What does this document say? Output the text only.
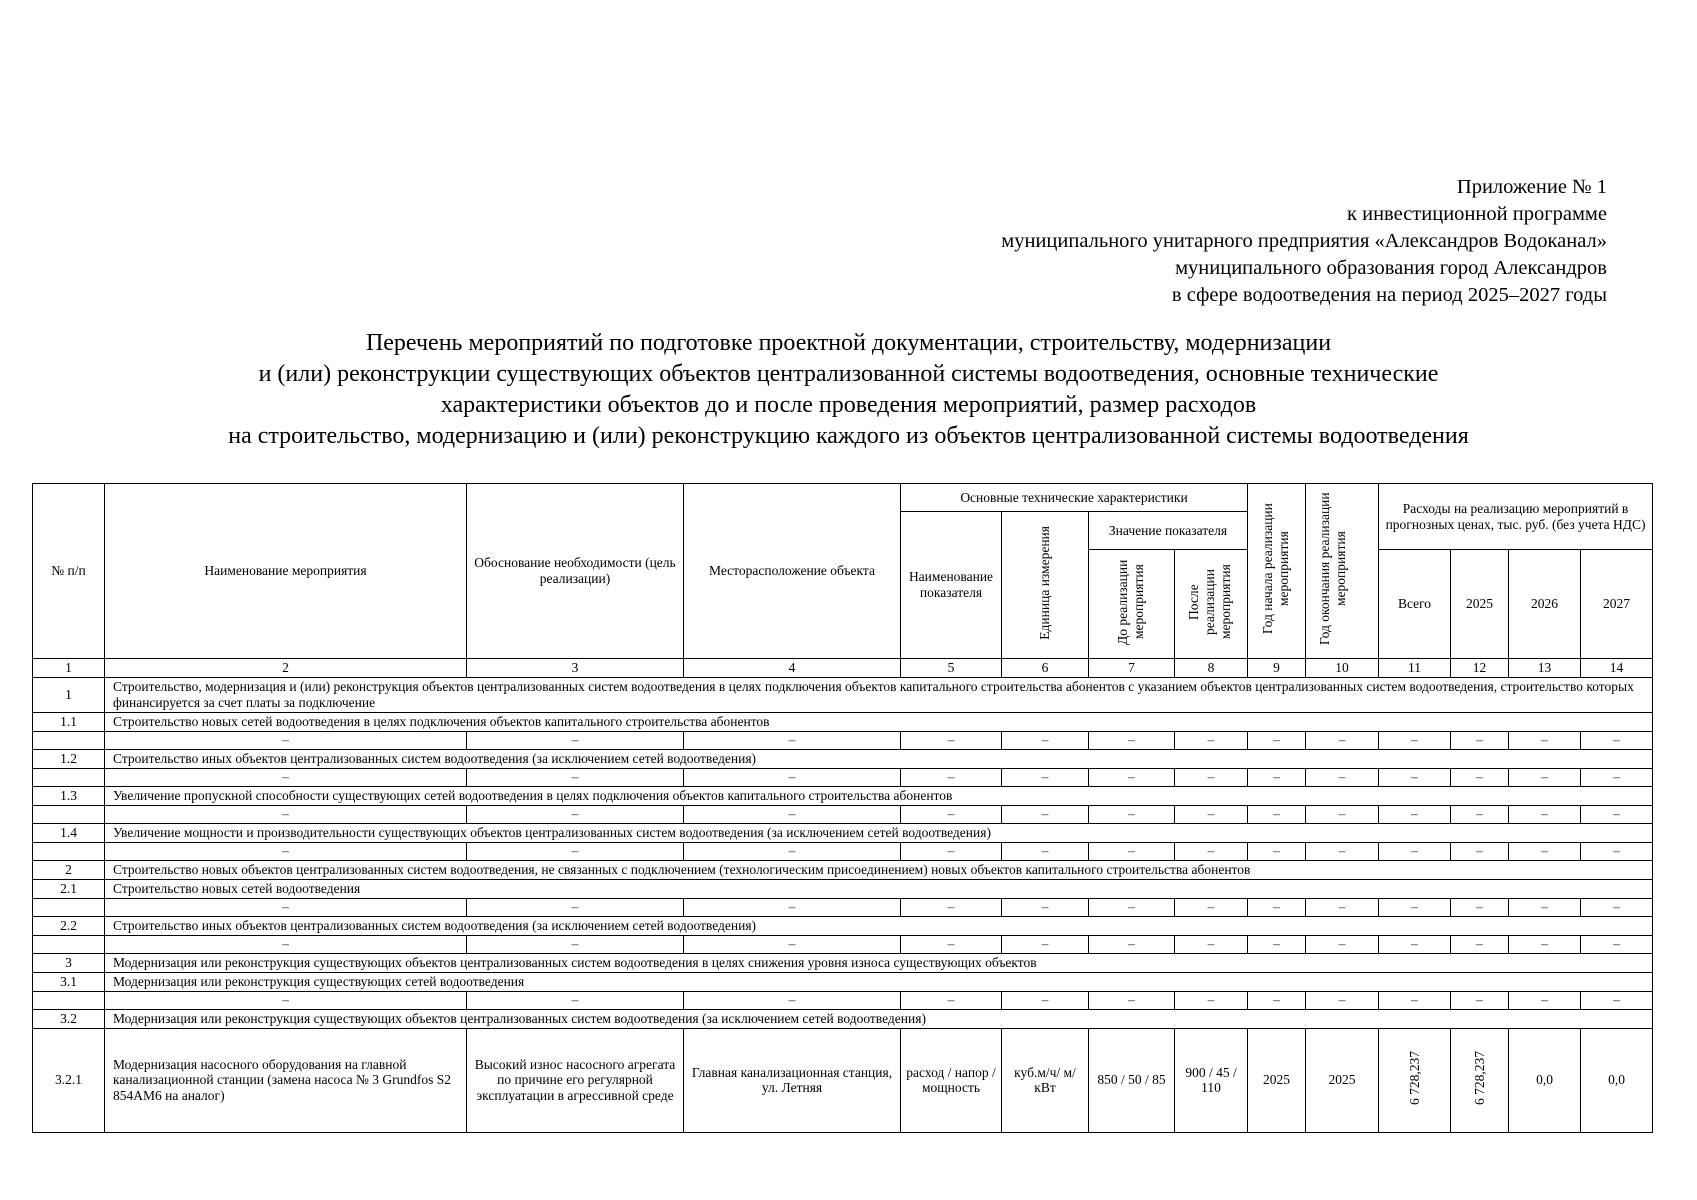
Приложение № 1
к инвестиционной программе
муниципального унитарного предприятия «Александров Водоканал»
муниципального образования город Александров
в сфере водоотведения на период 2025–2027 годы
Перечень мероприятий по подготовке проектной документации, строительству, модернизации
и (или) реконструкции существующих объектов централизованной системы водоотведения, основные технические
характеристики объектов до и после проведения мероприятий, размер расходов
на строительство, модернизацию и (или) реконструкцию каждого из объектов централизованной системы водоотведения
№ п/п	Наименование мероприятия	Обоснование необходимости (цель реализации)	Месторасположение объекта	Основные технические характеристики				Год начала реализации мероприятия	Год окончания реализации мероприятия	Расходы на реализацию мероприятий в прогнозных ценах, тыс. руб. (без учета НДС)			
				Наименование показателя	Единица измерения	Значение показателя							
						До реализации мероприятия	После реализации мероприятия			Всего	2025	2026	2027
1	2	3	4	5	6	7	8	9	10	11	12	13	14
1	Строительство, модернизация и (или) реконструкция объектов централизованных систем водоотведения в целях подключения объектов капитального строительства абонентов с указанием объектов централизованных систем водоотведения, строительство которых финансируется за счет платы за подключение												
1.1	Строительство новых сетей водоотведения в целях подключения объектов капитального строительства абонентов												
	–	–	–	–	–	–	–	–	–	–	–	–	–
1.2	Строительство иных объектов централизованных систем водоотведения (за исключением сетей водоотведения)												
	–	–	–	–	–	–	–	–	–	–	–	–	–
1.3	Увеличение пропускной способности существующих сетей водоотведения в целях подключения объектов капитального строительства абонентов												
	–	–	–	–	–	–	–	–	–	–	–	–	–
1.4	Увеличение мощности и производительности существующих объектов централизованных систем водоотведения (за исключением сетей водоотведения)												
	–	–	–	–	–	–	–	–	–	–	–	–	–
2	Строительство новых объектов централизованных систем водоотведения, не связанных с подключением (технологическим присоединением) новых объектов капитального строительства абонентов												
2.1	Строительство новых сетей водоотведения												
	–	–	–	–	–	–	–	–	–	–	–	–	–
2.2	Строительство иных объектов централизованных систем водоотведения (за исключением сетей водоотведения)												
	–	–	–	–	–	–	–	–	–	–	–	–	–
3	Модернизация или реконструкция существующих объектов централизованных систем водоотведения в целях снижения уровня износа существующих объектов												
3.1	Модернизация или реконструкция существующих сетей водоотведения												
	–	–	–	–	–	–	–	–	–	–	–	–	–
3.2	Модернизация или реконструкция существующих объектов централизованных систем водоотведения (за исключением сетей водоотведения)												
3.2.1	Модернизация насосного оборудования на главной канализационной станции (замена насоса № 3 Grundfos S2 854AM6 на аналог)	Высокий износ насосного агрегата по причине его регулярной эксплуатации в агрессивной среде	Главная канализационная станция, ул. Летняя	расход / напор / мощность	куб.м/ч/ м/ кВт	850 / 50 / 85	900 / 45 / 110	2025	2025	6 728,237	6 728,237	0,0	0,0
